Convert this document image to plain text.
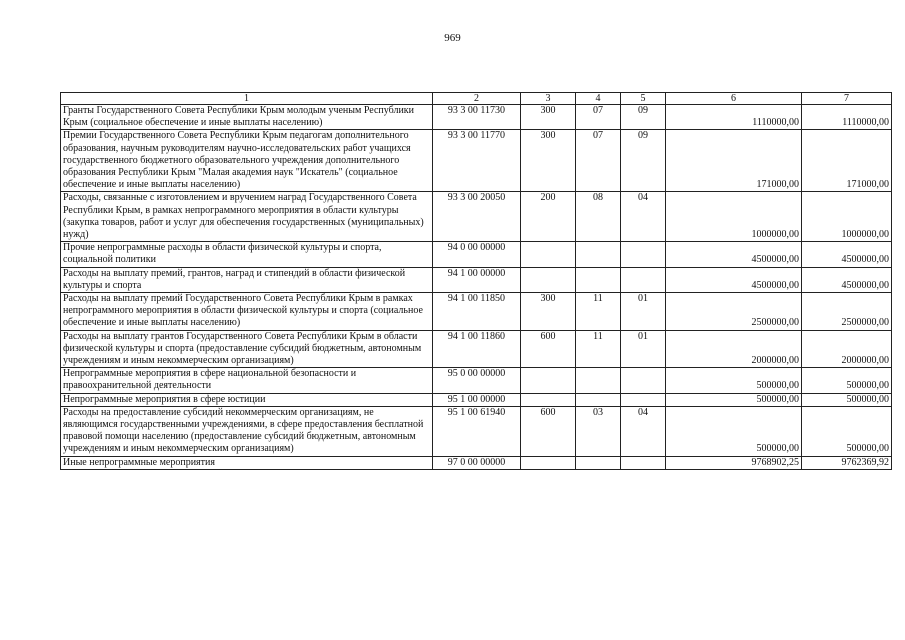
969
1	2	3	4	5	6	7
Гранты Государственного Совета Республики Крым молодым ученым Республики Крым (социальное обеспечение и иные выплаты населению)	93 3 00 11730	300	07	09	1110000,00	1110000,00
Премии Государственного Совета Республики Крым педагогам дополнительного образования, научным руководителям научно-исследовательских работ учащихся государственного бюджетного образовательного учреждения дополнительного образования Республики Крым "Малая академия наук "Искатель" (социальное обеспечение и иные выплаты населению)	93 3 00 11770	300	07	09	171000,00	171000,00
Расходы, связанные с изготовлением и вручением наград Государственного Совета Республики Крым, в рамках непрограммного мероприятия в области культуры (закупка товаров, работ и услуг для обеспечения государственных (муниципальных) нужд)	93 3 00 20050	200	08	04	1000000,00	1000000,00
Прочие непрограммные расходы в области физической культуры и спорта, социальной политики	94 0 00 00000				4500000,00	4500000,00
Расходы на выплату премий, грантов, наград и стипендий в области физической культуры и спорта	94 1 00 00000				4500000,00	4500000,00
Расходы на выплату премий Государственного Совета Республики Крым в рамках непрограммного мероприятия в области физической культуры и спорта (социальное обеспечение и иные выплаты населению)	94 1 00 11850	300	11	01	2500000,00	2500000,00
Расходы на выплату грантов Государственного Совета Республики Крым в области физической культуры и спорта (предоставление субсидий бюджетным, автономным учреждениям и иным некоммерческим организациям)	94 1 00 11860	600	11	01	2000000,00	2000000,00
Непрограммные мероприятия в сфере национальной безопасности и правоохранительной деятельности	95 0 00 00000				500000,00	500000,00
Непрограммные мероприятия в сфере юстиции	95 1 00 00000				500000,00	500000,00
Расходы на предоставление субсидий некоммерческим организациям, не являющимся государственными учреждениями, в сфере предоставления бесплатной правовой помощи населению (предоставление субсидий бюджетным, автономным учреждениям и иным некоммерческим организациям)	95 1 00 61940	600	03	04	500000,00	500000,00
Иные непрограммные мероприятия	97 0 00 00000				9768902,25	9762369,92
